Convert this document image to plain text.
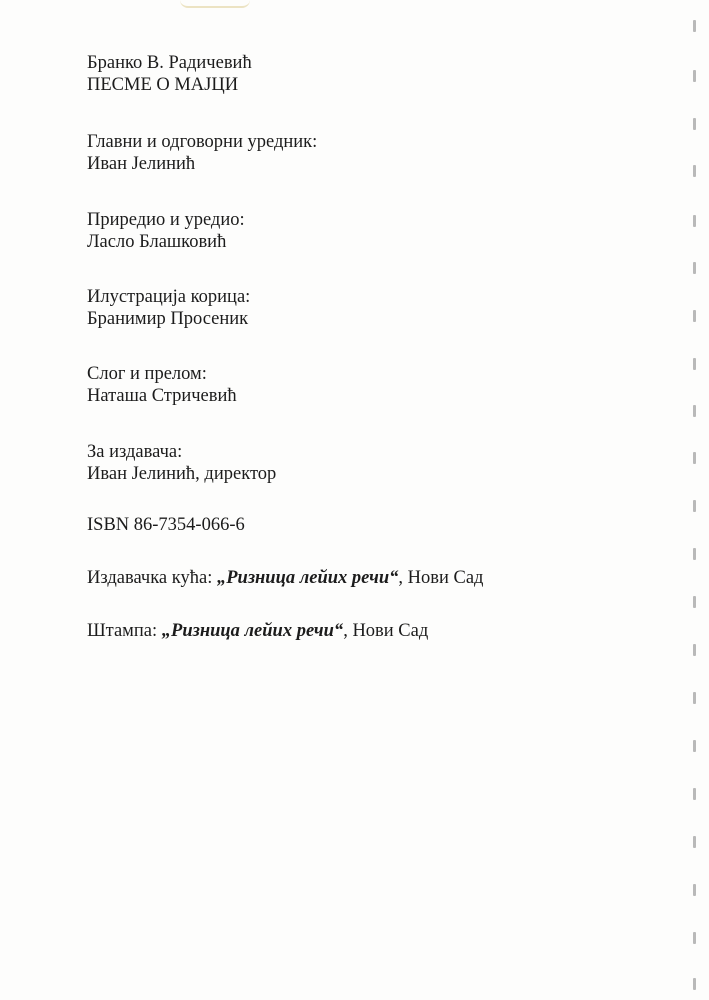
Бранко В. Радичевић
ПЕСМЕ О МАЈЦИ
Главни и одговорни уредник:
Иван Јелинић
Приредио и уредио:
Ласло Блашковић
Илустрација корица:
Бранимир Просеник
Слог и прелом:
Наташа Стричевић
За издавача:
Иван Јелинић, директор
ISBN 86-7354-066-6
Издавачка кућа: „Ризница лейих речи“, Нови Сад
Штампа: „Ризница лейих речи“, Нови Сад
